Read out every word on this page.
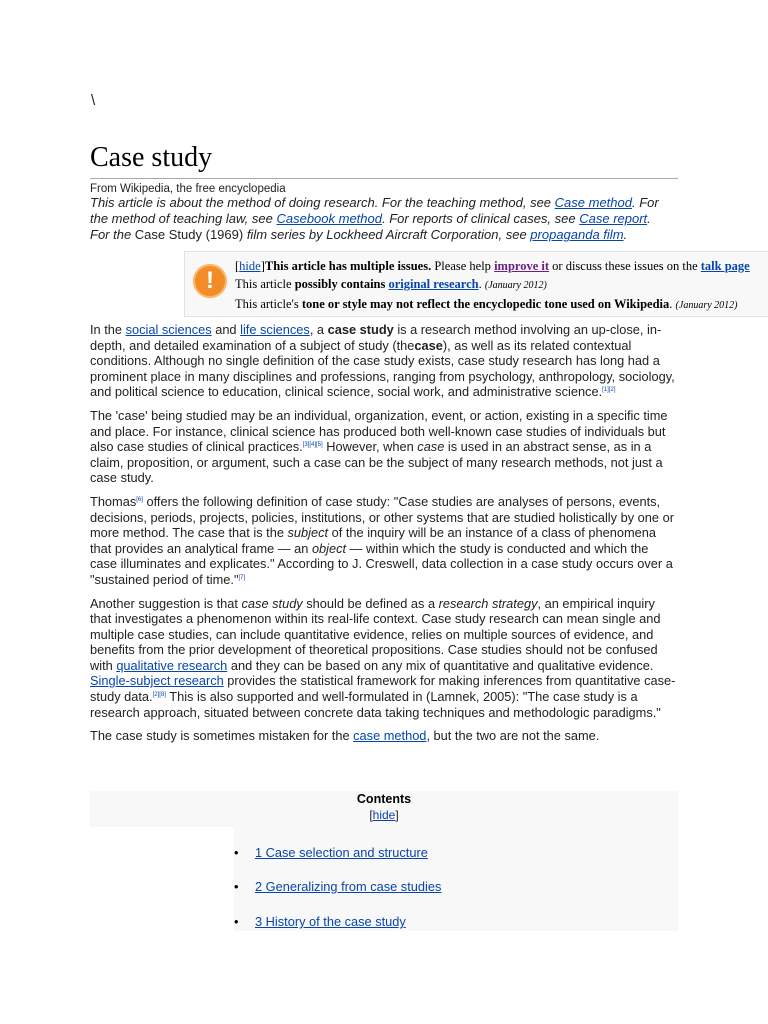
\
Case study
From Wikipedia, the free encyclopedia

This article is about the method of doing research. For the teaching method, see Case method. For the method of teaching law, see Casebook method. For reports of clinical cases, see Case report.
For the Case Study (1969) film series by Lockheed Aircraft Corporation, see propaganda film.

!
[hide]This article has multiple issues. Please help improve it or discuss these issues on the talk page
This article possibly contains original research. (January 2012)
This article's tone or style may not reflect the encyclopedic tone used on Wikipedia. (January 2012)

In the social sciences and life sciences, a case study is a research method involving an up-close, in-depth, and detailed examination of a subject of study (thecase), as well as its related contextual conditions. Although no single definition of the case study exists, case study research has long had a prominent place in many disciplines and professions, ranging from psychology, anthropology, sociology, and political science to education, clinical science, social work, and administrative science.[1][2]

The 'case' being studied may be an individual, organization, event, or action, existing in a specific time and place. For instance, clinical science has produced both well-known case studies of individuals but also case studies of clinical practices.[3][4][5] However, when case is used in an abstract sense, as in a claim, proposition, or argument, such a case can be the subject of many research methods, not just a case study.

Thomas[6] offers the following definition of case study: "Case studies are analyses of persons, events, decisions, periods, projects, policies, institutions, or other systems that are studied holistically by one or more method. The case that is the subject of the inquiry will be an instance of a class of phenomena that provides an analytical frame — an object — within which the study is conducted and which the case illuminates and explicates." According to J. Creswell, data collection in a case study occurs over a "sustained period of time."[7]

Another suggestion is that case study should be defined as a research strategy, an empirical inquiry that investigates a phenomenon within its real-life context. Case study research can mean single and multiple case studies, can include quantitative evidence, relies on multiple sources of evidence, and benefits from the prior development of theoretical propositions. Case studies should not be confused with qualitative research and they can be based on any mix of quantitative and qualitative evidence. Single-subject research provides the statistical framework for making inferences from quantitative case-study data.[2][8] This is also supported and well-formulated in (Lamnek, 2005): "The case study is a research approach, situated between concrete data taking techniques and methodologic paradigms."

The case study is sometimes mistaken for the case method, but the two are not the same.

Contents
[hide]
• 1 Case selection and structure
• 2 Generalizing from case studies
• 3 History of the case study
